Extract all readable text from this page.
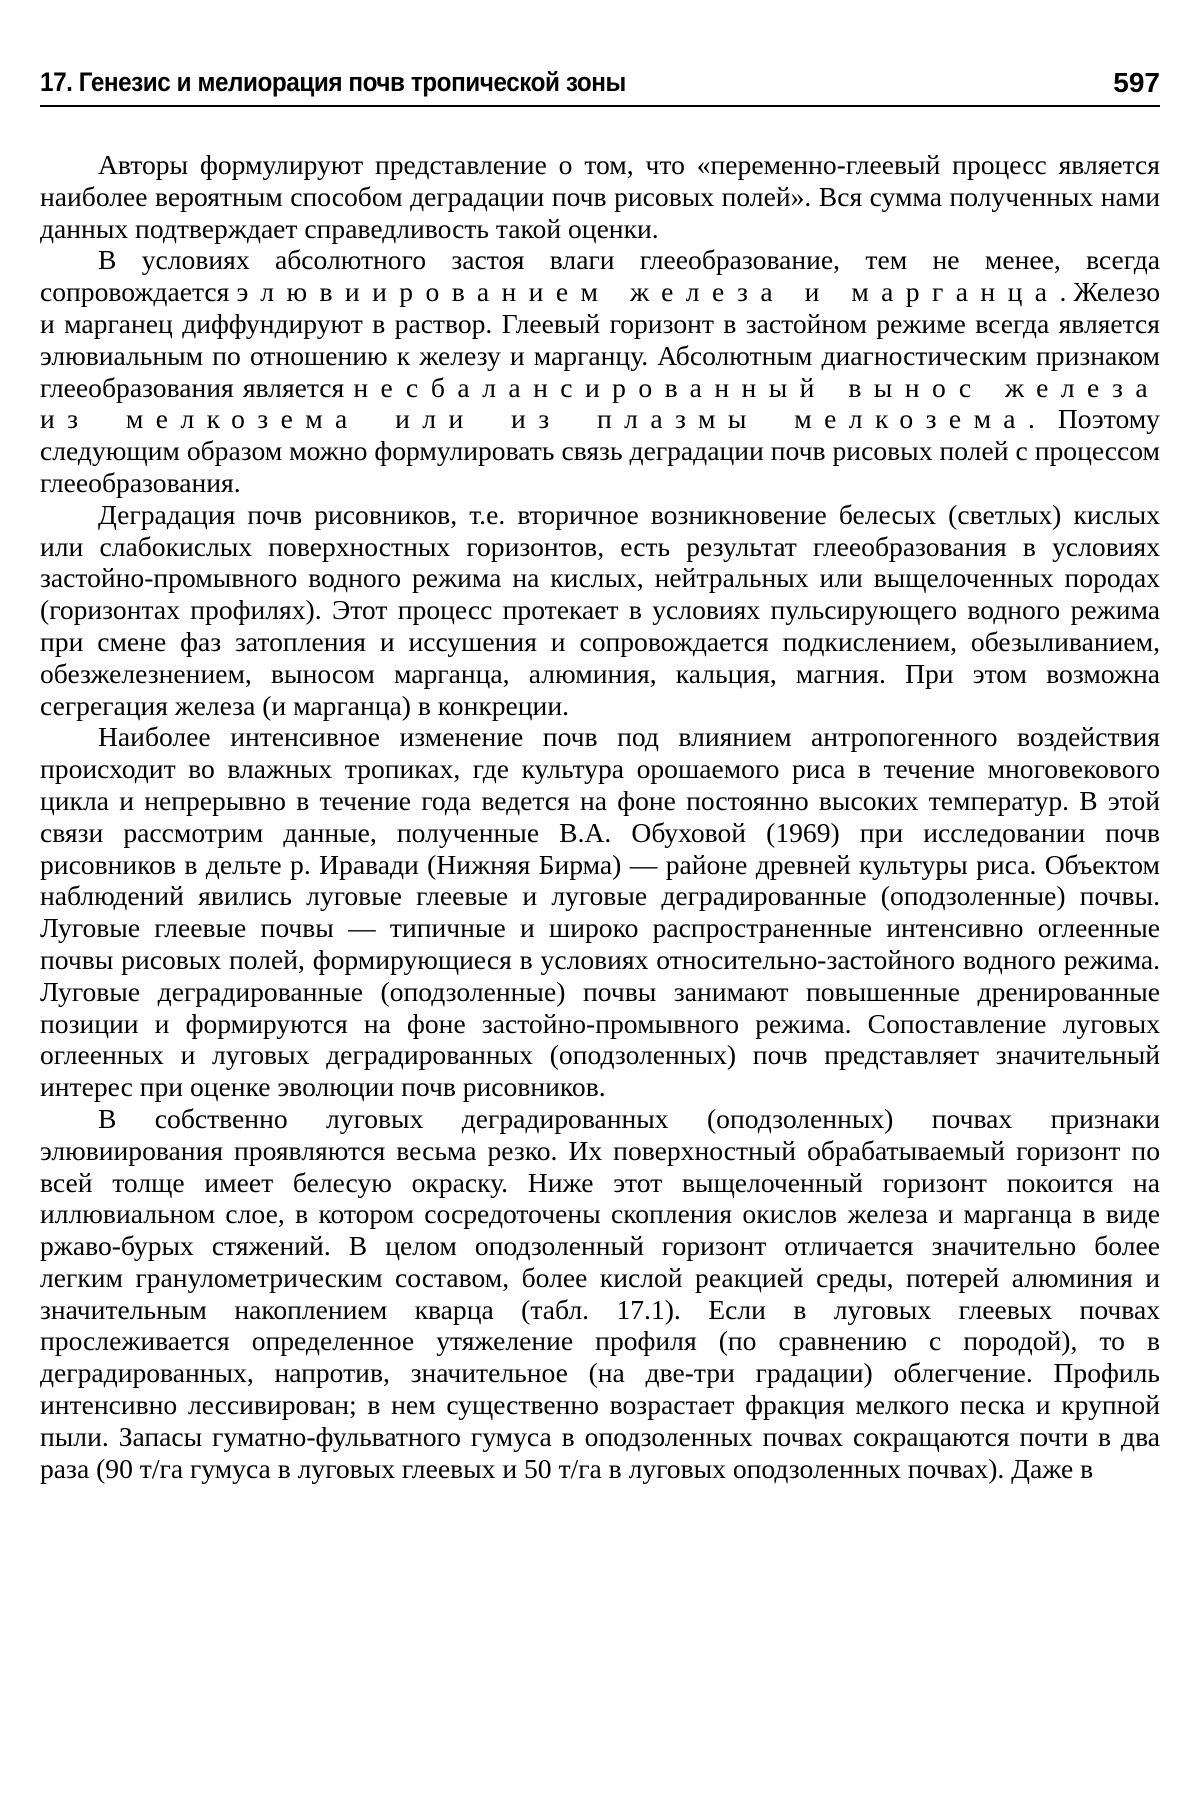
17. Генезис и мелиорация почв тропической зоны	597

Авторы формулируют представление о том, что «переменно-глеевый процесс является наиболее вероятным способом деградации почв рисовых полей». Вся сумма полученных нами данных подтверждает справедливость такой оценки.

В условиях абсолютного застоя влаги глееобразование, тем не менее, всегда сопровождается элювиированием железа и марганца. Железо и марганец диффундируют в раствор. Глеевый горизонт в застойном режиме всегда является элювиальным по отношению к железу и марганцу. Абсолютным диагностическим признаком глееобразования является несбалансированный вынос железа из мелкозема или из плазмы мелкозема. Поэтому следующим образом можно формулировать связь деградации почв рисовых полей с процессом глееобразования.

Деградация почв рисовников, т.е. вторичное возникновение белесых (светлых) кислых или слабокислых поверхностных горизонтов, есть результат глееобразования в условиях застойно-промывного водного режима на кислых, нейтральных или выщелоченных породах (горизонтах профилях). Этот процесс протекает в условиях пульсирующего водного режима при смене фаз затопления и иссушения и сопровождается подкислением, обезыливанием, обезжелезнением, выносом марганца, алюминия, кальция, магния. При этом возможна сегрегация железа (и марганца) в конкреции.

Наиболее интенсивное изменение почв под влиянием антропогенного воздействия происходит во влажных тропиках, где культура орошаемого риса в течение многовекового цикла и непрерывно в течение года ведется на фоне постоянно высоких температур. В этой связи рассмотрим данные, полученные В.А. Обуховой (1969) при исследовании почв рисовников в дельте р. Иравади (Нижняя Бирма) — районе древней культуры риса. Объектом наблюдений явились луговые глеевые и луговые деградированные (оподзоленные) почвы. Луговые глеевые почвы — типичные и широко распространенные интенсивно оглеенные почвы рисовых полей, формирующиеся в условиях относительно-застойного водного режима. Луговые деградированные (оподзоленные) почвы занимают повышенные дренированные позиции и формируются на фоне застойно-промывного режима. Сопоставление луговых оглеенных и луговых деградированных (оподзоленных) почв представляет значительный интерес при оценке эволюции почв рисовников.

В собственно луговых деградированных (оподзоленных) почвах признаки элювиирования проявляются весьма резко. Их поверхностный обрабатываемый горизонт по всей толще имеет белесую окраску. Ниже этот выщелоченный горизонт покоится на иллювиальном слое, в котором сосредоточены скопления окислов железа и марганца в виде ржаво-бурых стяжений. В целом оподзоленный горизонт отличается значительно более легким гранулометрическим составом, более кислой реакцией среды, потерей алюминия и значительным накоплением кварца (табл. 17.1). Если в луговых глеевых почвах прослеживается определенное утяжеление профиля (по сравнению с породой), то в деградированных, напротив, значительное (на две-три градации) облегчение. Профиль интенсивно лессивирован; в нем существенно возрастает фракция мелкого песка и крупной пыли. Запасы гуматно-фульватного гумуса в оподзоленных почвах сокращаются почти в два раза (90 т/га гумуса в луговых глеевых и 50 т/га в луговых оподзоленных почвах). Даже в
